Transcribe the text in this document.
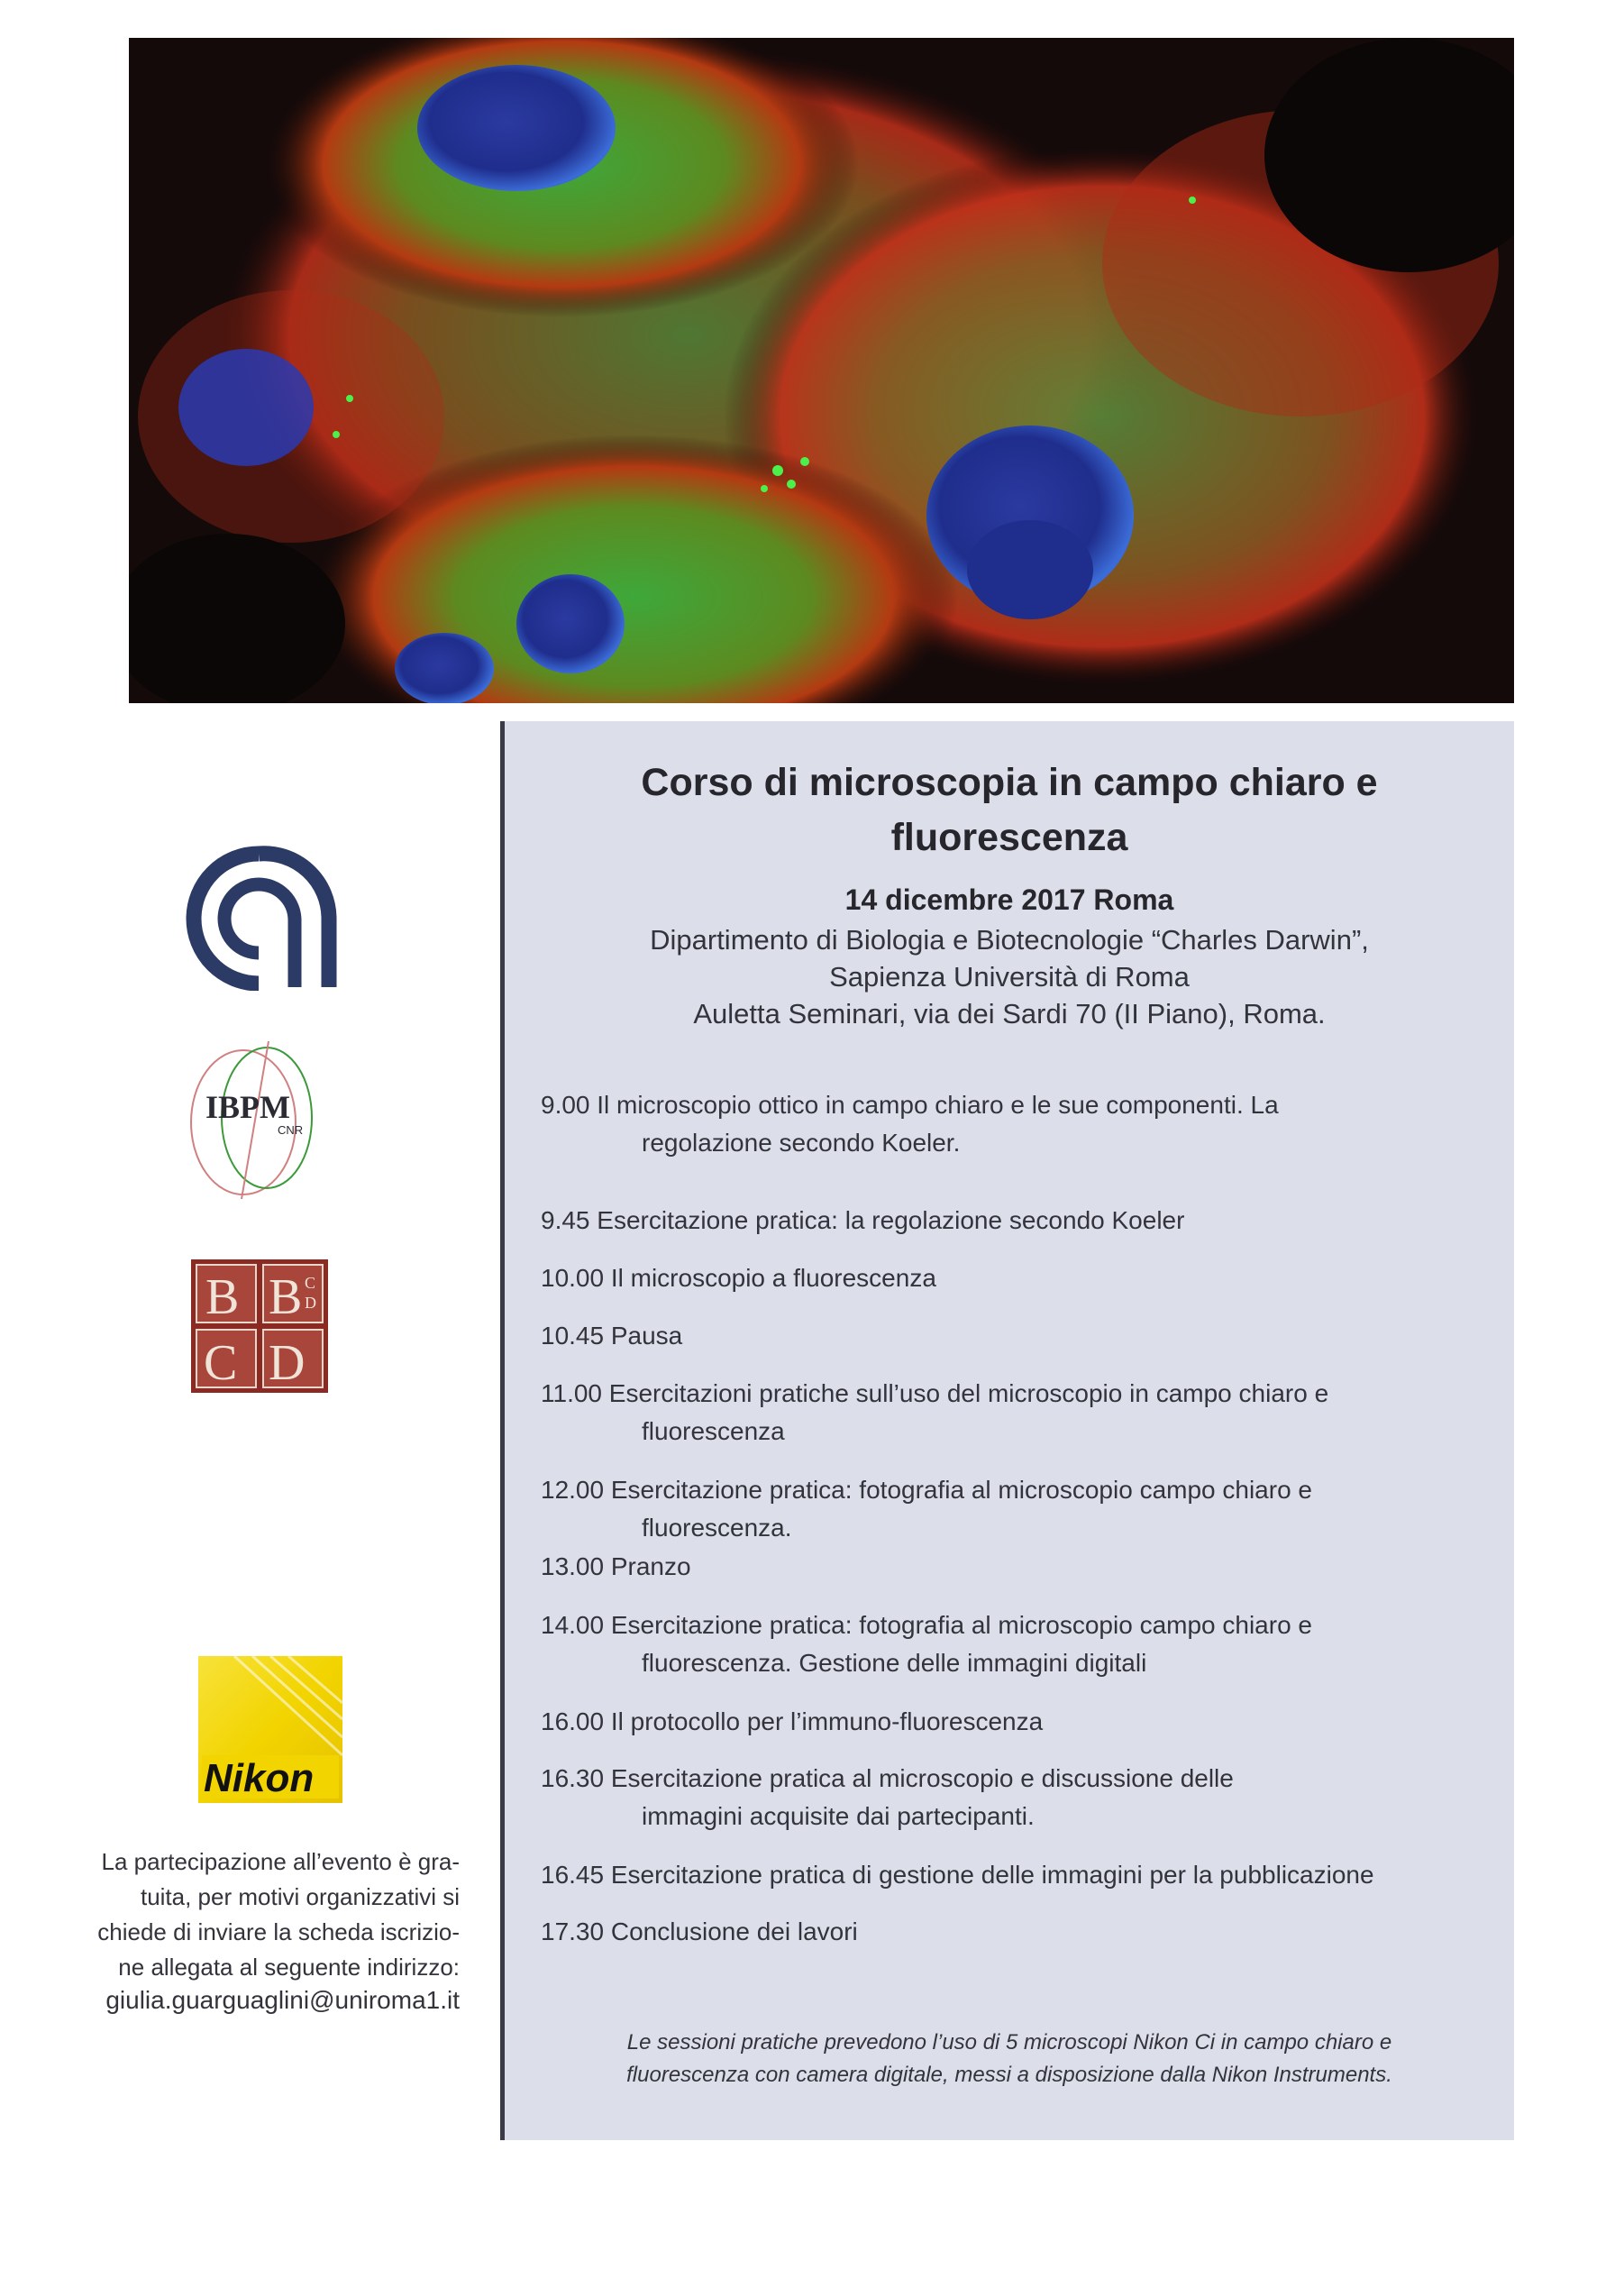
IBPM
CNR
B B
C D
C
D
Nikon
La partecipazione all’evento è gra-
tuita, per motivi organizzativi si
chiede di inviare la scheda iscrizio-
ne allegata al seguente indirizzo:
giulia.guarguaglini@uniroma1.it
Corso di microscopia in campo chiaro e
fluorescenza
14 dicembre 2017 Roma
Dipartimento di Biologia e Biotecnologie “Charles Darwin”,
Sapienza Università di Roma
Auletta Seminari, via dei Sardi 70 (II Piano), Roma.
9.00 Il microscopio ottico in campo chiaro e le sue componenti. La
regolazione secondo Koeler.
9.45 Esercitazione pratica: la regolazione secondo Koeler
10.00 Il microscopio a fluorescenza
10.45 Pausa
11.00 Esercitazioni pratiche sull’uso del microscopio in campo chiaro e
fluorescenza
12.00 Esercitazione pratica: fotografia al microscopio campo chiaro e
fluorescenza.
13.00 Pranzo
14.00 Esercitazione pratica: fotografia al microscopio campo chiaro e
fluorescenza. Gestione delle immagini digitali
16.00 Il protocollo per l’immuno-fluorescenza
16.30 Esercitazione pratica al microscopio e discussione delle
immagini acquisite dai partecipanti.
16.45 Esercitazione pratica di gestione delle immagini per la pubblicazione
17.30 Conclusione dei lavori
Le sessioni pratiche prevedono l’uso di 5 microscopi Nikon Ci in campo chiaro e
fluorescenza con camera digitale, messi a disposizione dalla Nikon Instruments.
